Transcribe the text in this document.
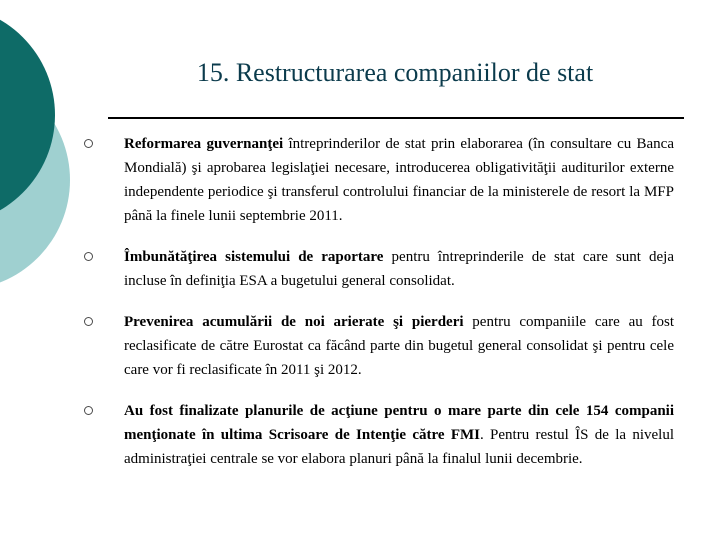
15. Restructurarea companiilor de stat
Reformarea guvernanţei întreprinderilor de stat prin elaborarea (în consultare cu Banca Mondială) şi aprobarea legislaţiei necesare, introducerea obligativităţii auditurilor externe independente periodice şi transferul controlului financiar de la ministerele de resort la MFP până la finele lunii septembrie 2011.
Îmbunătăţirea sistemului de raportare pentru întreprinderile de stat care sunt deja incluse în definiţia ESA a bugetului general consolidat.
Prevenirea acumulării de noi arierate şi pierderi pentru companiile care au fost reclasificate de către Eurostat ca făcând parte din bugetul general consolidat şi pentru cele care vor fi reclasificate în 2011 şi 2012.
Au fost finalizate planurile de acţiune pentru o mare parte din cele 154 companii menţionate în ultima Scrisoare de Intenţie către FMI. Pentru restul ÎS de la nivelul administraţiei centrale se vor elabora planuri până la finalul lunii decembrie.
